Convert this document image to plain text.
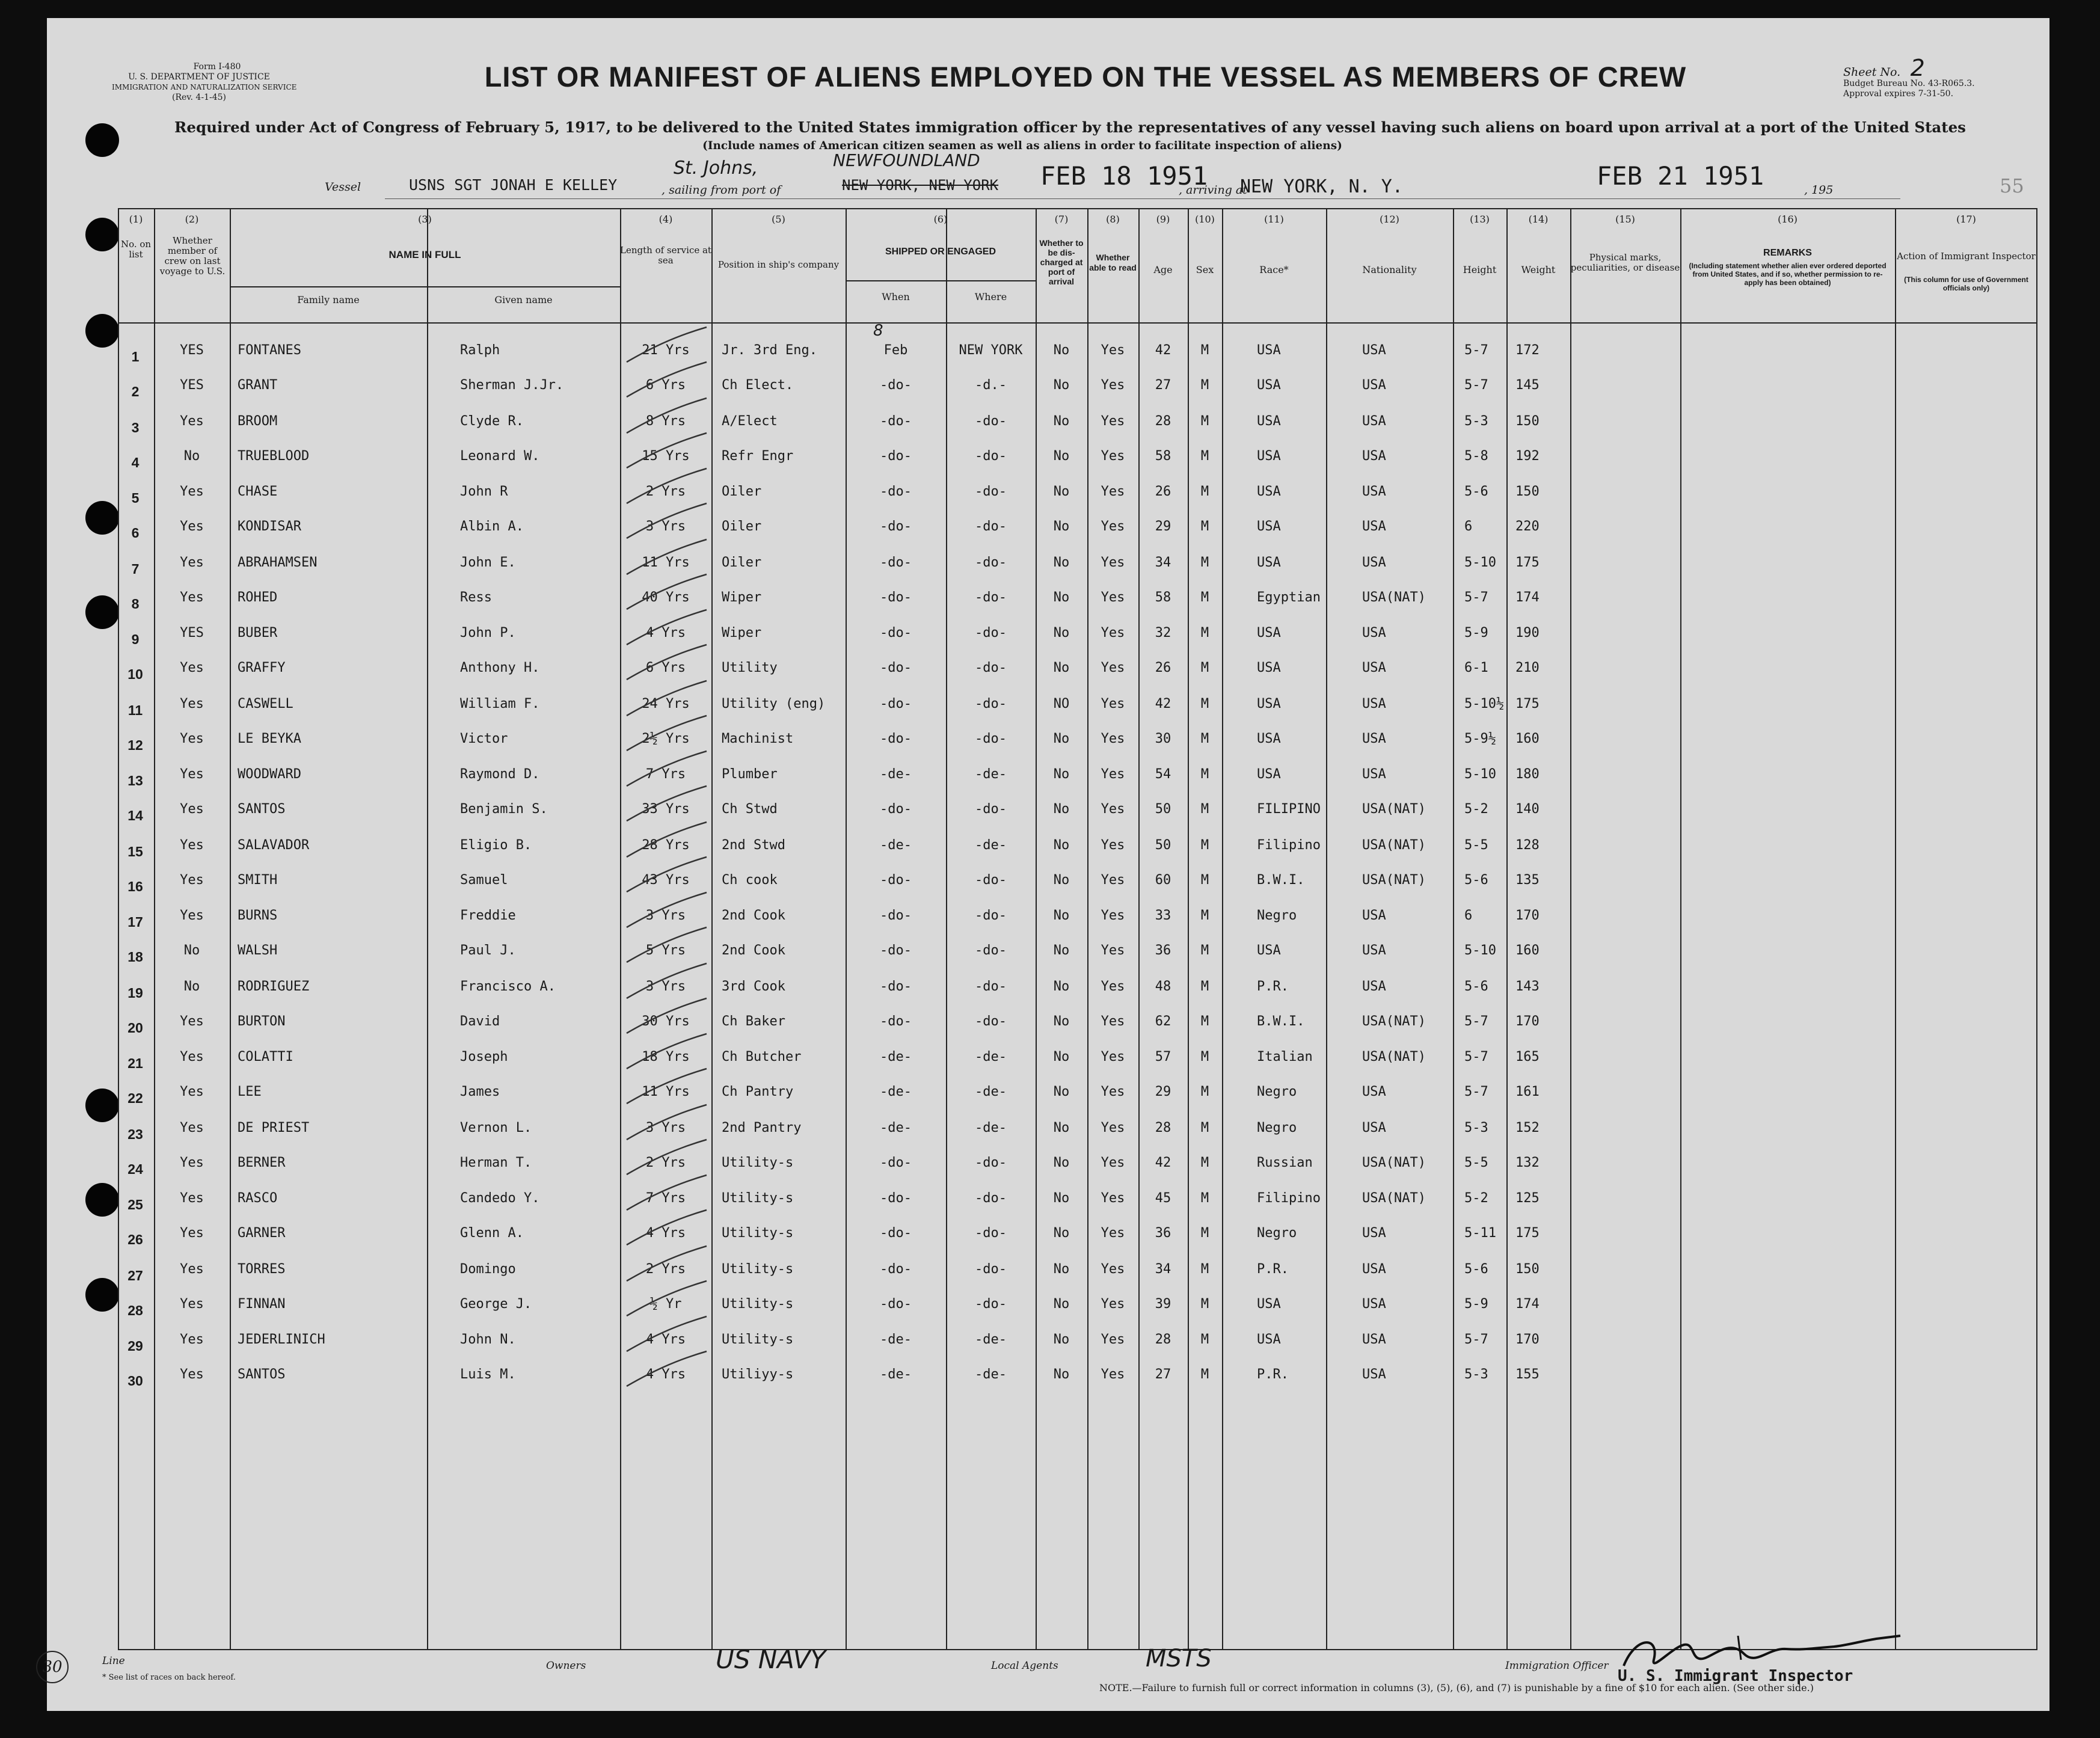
Form I-480
U. S. DEPARTMENT OF JUSTICE
IMMIGRATION AND NATURALIZATION SERVICE
(Rev. 4-1-45)
Sheet No. 2
Budget Bureau No. 43-R065.3.
Approval expires 7-31-50.
LIST OR MANIFEST OF ALIENS EMPLOYED ON THE VESSEL AS MEMBERS OF CREW
Required under Act of Congress of February 5, 1917, to be delivered to the United States immigration officer by the representatives of any vessel having such aliens on board upon arrival at a port of the United States
(Include names of American citizen seamen as well as aliens in order to facilitate inspection of aliens)
Vessel	USNS SGT JONAH E KELLEY	, sailing from port of
St. Johns,	NEWFOUNDLAND
NEW YORK, NEW YORK FEB 18 1951
, arriving at
NEW YORK, N. Y.	FEB 21 1951	, 195	55
(1)	(2)	(3)	(4)	(5)	(6)	(7)	(8)	(9)	(10)	(11)	(12)	(13)	(14)	(15)	(16)	(17)
No. on list
Whether member of crew on last voyage to U.S.
NAME IN FULL
Family name	Given name
Length of service at sea	Position in ship's company
SHIPPED OR ENGAGED
When	Where
Whether to be dis-charged at port of arrival
Whether able to read	Age	Sex	Race*	Nationality	Height	Weight
Physical marks, peculiarities, or disease
REMARKS
(Including statement whether alien ever ordered deported from United States, and if so, whether permission to re-apply has been obtained)
Action of Immigrant Inspector
(This column for use of Government officials only)
1	YES	FONTANES	Ralph	21 Yrs	Jr. 3rd Eng.	Feb	NEW YORK	No	Yes	42	M	USA	USA	5-7	172
2	YES	GRANT	Sherman J.Jr.	6 Yrs	Ch Elect.	-do-	-d.-	No	Yes	27	M	USA	USA	5-7	145
3	Yes	BROOM	Clyde R.	8 Yrs	A/Elect	-do-	-do-	No	Yes	28	M	USA	USA	5-3	150
4	No	TRUEBLOOD	Leonard W.	15 Yrs	Refr Engr	-do-	-do-	No	Yes	58	M	USA	USA	5-8	192
5	Yes	CHASE	John R	2 Yrs	Oiler	-do-	-do-	No	Yes	26	M	USA	USA	5-6	150
6	Yes	KONDISAR	Albin A.	3 Yrs	Oiler	-do-	-do-	No	Yes	29	M	USA	USA	6	220
7	Yes	ABRAHAMSEN	John E.	11 Yrs	Oiler	-do-	-do-	No	Yes	34	M	USA	USA	5-10	175
8	Yes	ROHED	Ress	40 Yrs	Wiper	-do-	-do-	No	Yes	58	M	Egyptian	USA(NAT)	5-7	174
9	YES	BUBER	John P.	4 Yrs	Wiper	-do-	-do-	No	Yes	32	M	USA	USA	5-9	190
10	Yes	GRAFFY	Anthony H.	6 Yrs	Utility	-do-	-do-	No	Yes	26	M	USA	USA	6-1	210
11	Yes	CASWELL	William F.	24 Yrs	Utility (eng)	-do-	-do-	NO	Yes	42	M	USA	USA	5-10½ 175
12	Yes	LE BEYKA	Victor	2½ Yrs	Machinist	-do-	-do-	No	Yes	30	M	USA	USA	5-9½	160
13	Yes	WOODWARD	Raymond D.	7 Yrs	Plumber	-de-	-de-	No	Yes	54	M	USA	USA	5-10	180
14	Yes	SANTOS	Benjamin S.	33 Yrs	Ch Stwd	-do-	-do-	No	Yes	50	M	FILIPINO	USA(NAT)	5-2	140
15	Yes	SALAVADOR	Eligio B.	28 Yrs	2nd Stwd	-de-	-de-	No	Yes	50	M	Filipino	USA(NAT)	5-5	128
16	Yes	SMITH	Samuel	43 Yrs	Ch cook	-do-	-do-	No	Yes	60	M	B.W.I.	USA(NAT)	5-6	135
17	Yes	BURNS	Freddie	3 Yrs	2nd Cook	-do-	-do-	No	Yes	33	M	Negro	USA	6	170
18	No	WALSH	Paul J.	5 Yrs	2nd Cook	-do-	-do-	No	Yes	36	M	USA	USA	5-10	160
19	No	RODRIGUEZ	Francisco A.	3 Yrs	3rd Cook	-do-	-do-	No	Yes	48	M	P.R.	USA	5-6	143
20	Yes	BURTON	David	30 Yrs	Ch Baker	-do-	-do-	No	Yes	62	M	B.W.I.	USA(NAT)	5-7	170
21	Yes	COLATTI	Joseph	18 Yrs	Ch Butcher	-de-	-de-	No	Yes	57	M	Italian	USA(NAT)	5-7	165
22	Yes	LEE	James	11 Yrs	Ch Pantry	-de-	-de-	No	Yes	29	M	Negro	USA	5-7	161
23	Yes	DE PRIEST	Vernon L.	3 Yrs	2nd Pantry	-de-	-de-	No	Yes	28	M	Negro	USA	5-3	152
24	Yes	BERNER	Herman T.	2 Yrs	Utility-s	-do-	-do-	No	Yes	42	M	Russian	USA(NAT)	5-5	132
25	Yes	RASCO	Candedo Y.	7 Yrs	Utility-s	-do-	-do-	No	Yes	45	M	Filipino	USA(NAT)	5-2	125
26	Yes	GARNER	Glenn A.	4 Yrs	Utility-s	-do-	-do-	No	Yes	36	M	Negro	USA	5-11	175
27	Yes	TORRES	Domingo	2 Yrs	Utility-s	-do-	-do-	No	Yes	34	M	P.R.	USA	5-6	150
28	Yes	FINNAN	George J.	½ Yr	Utility-s	-do-	-do-	No	Yes	39	M	USA	USA	5-9	174
29	Yes	JEDERLINICH	John N.	4 Yrs	Utility-s	-de-	-de-	No	Yes	28	M	USA	USA	5-7	170
30	Yes	SANTOS	Luis M.	4 Yrs	Utiliyy-s	-de-	-de-	No	Yes	27	M	P.R.	USA	5-3	155
8
30	Line
* See list of races on back hereof.
Owners	US NAVY	Local Agents	MSTS	Immigration Officer
U. S. Immigrant Inspector
NOTE.—Failure to furnish full or correct information in columns (3), (5), (6), and (7) is punishable by a fine of $10 for each alien. (See other side.)
